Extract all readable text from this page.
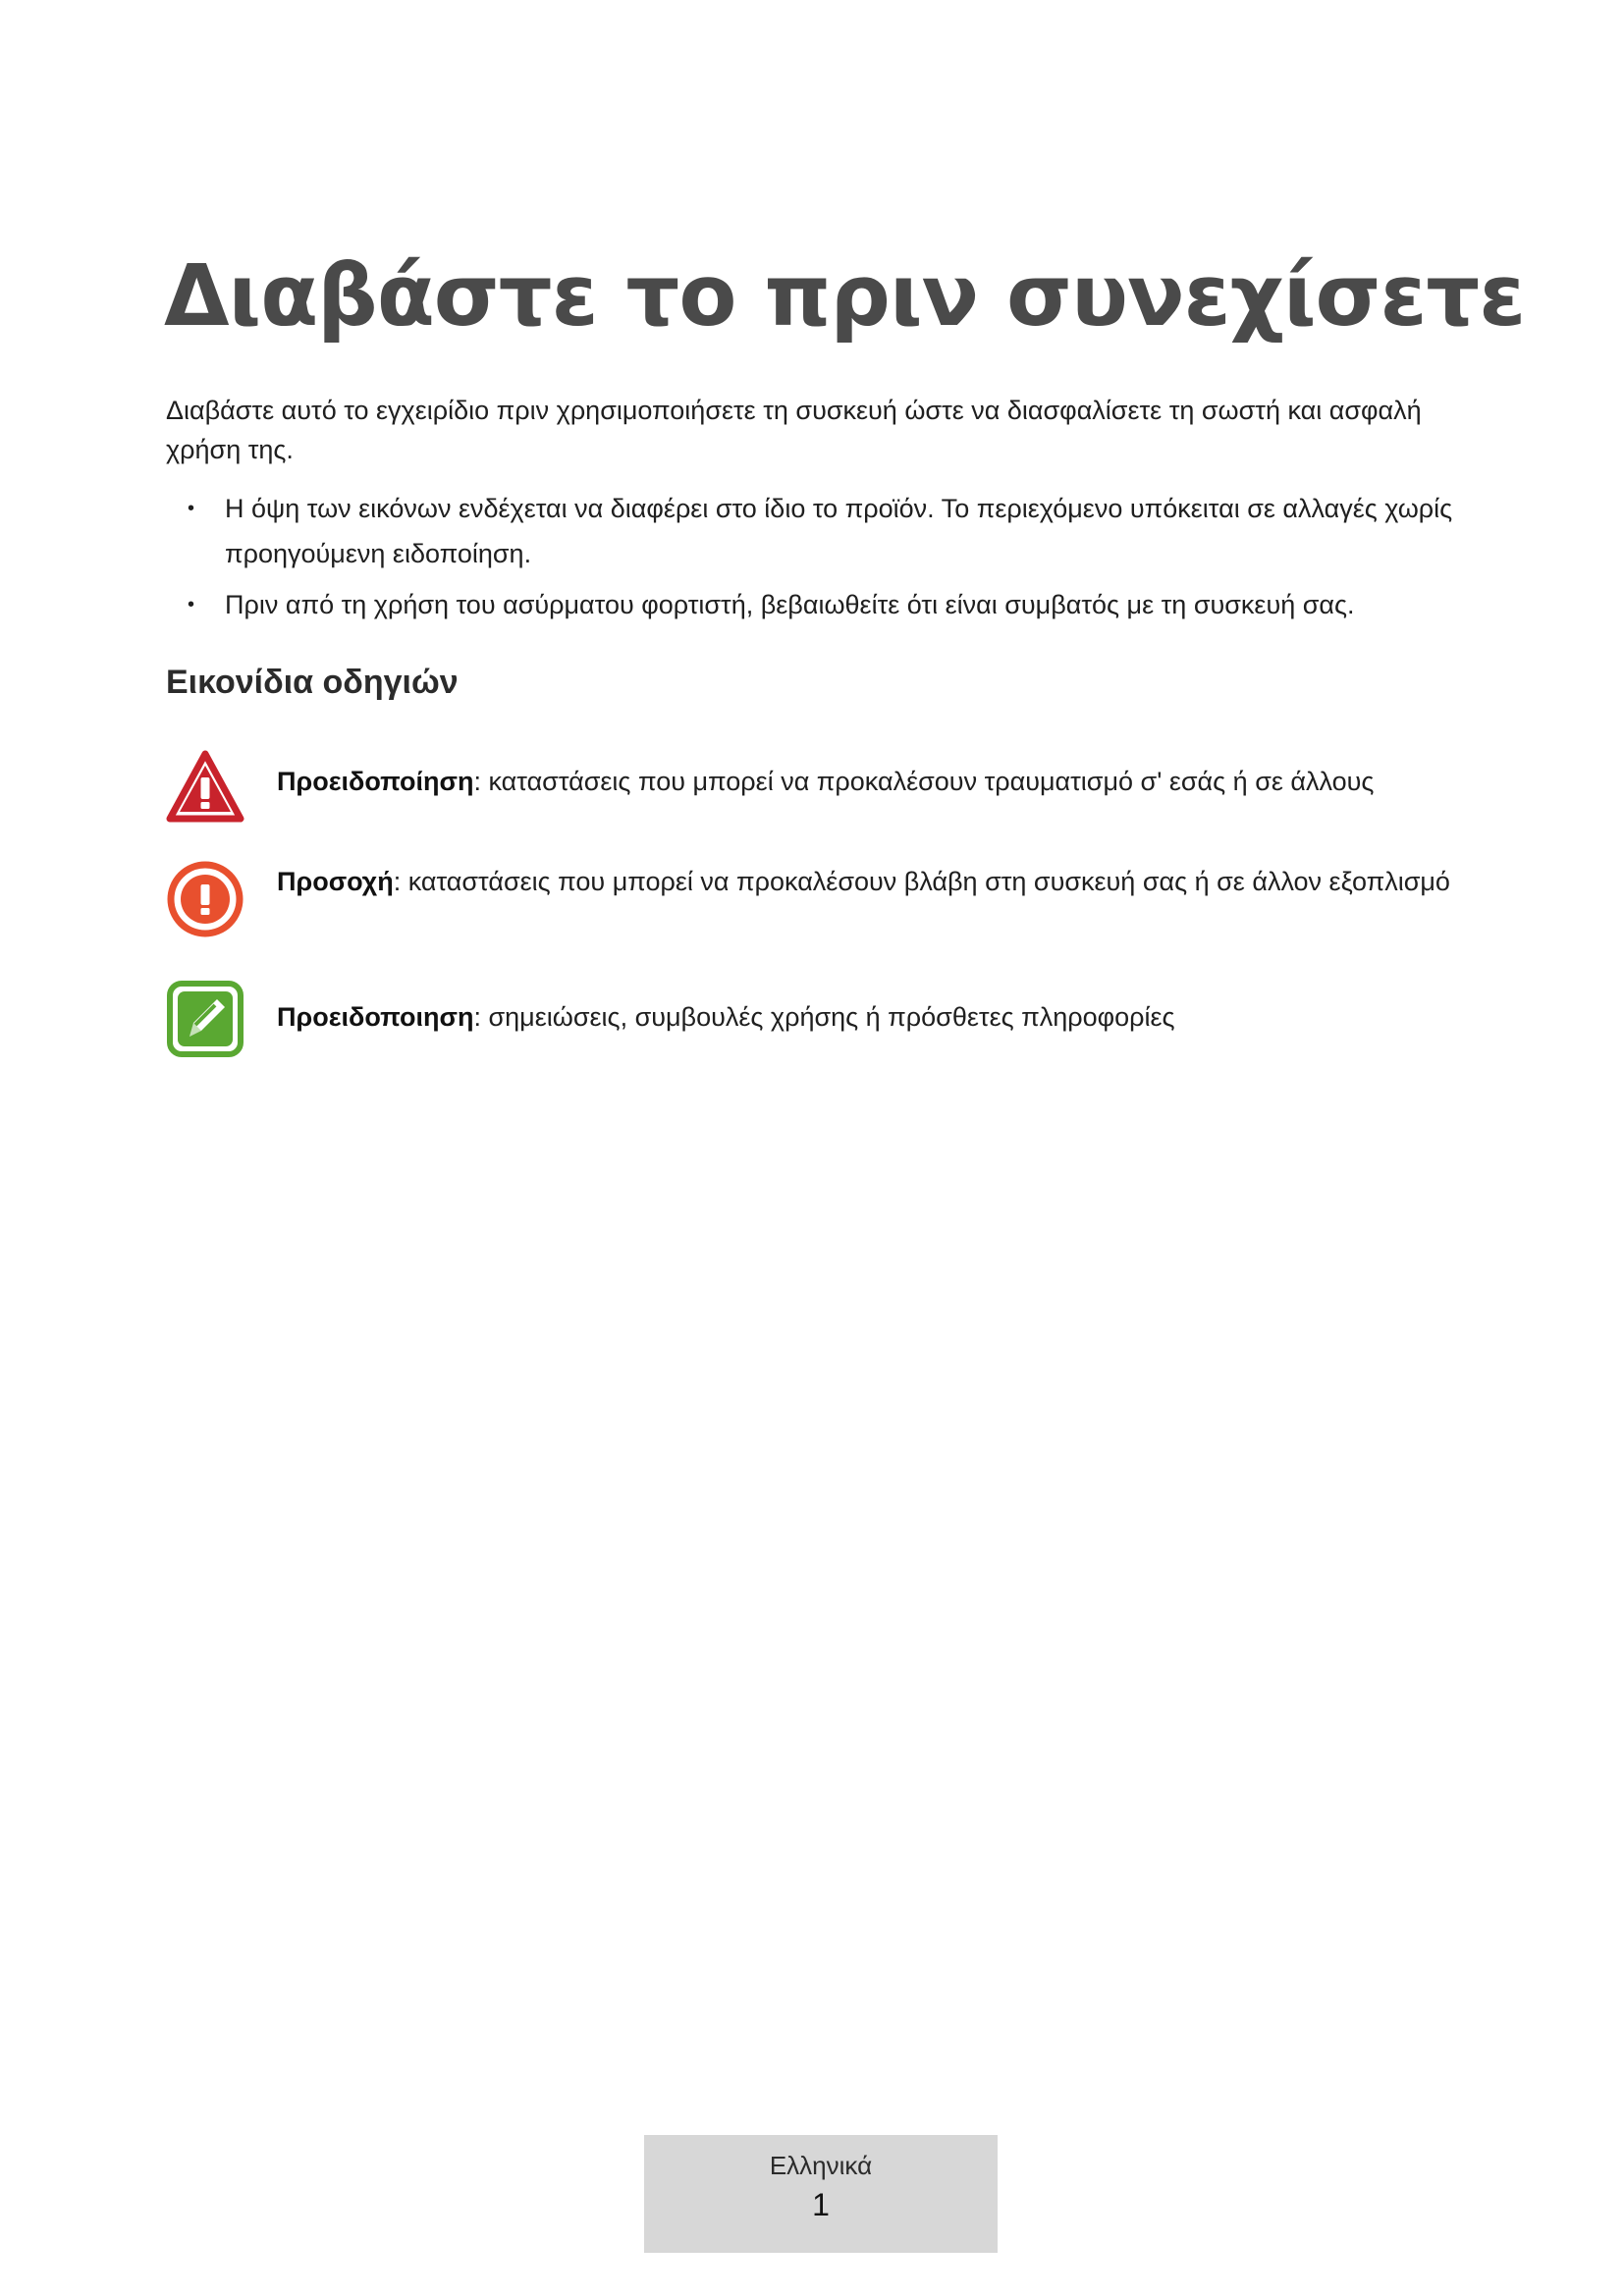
Διαβάστε το πριν συνεχίσετε

Διαβάστε αυτό το εγχειρίδιο πριν χρησιμοποιήσετε τη συσκευή ώστε να διασφαλίσετε τη σωστή και ασφαλή χρήση της.

• Η όψη των εικόνων ενδέχεται να διαφέρει στο ίδιο το προϊόν. Το περιεχόμενο υπόκειται σε αλλαγές χωρίς προηγούμενη ειδοποίηση.
• Πριν από τη χρήση του ασύρματου φορτιστή, βεβαιωθείτε ότι είναι συμβατός με τη συσκευή σας.
Εικονίδια οδηγιών
Προειδοποίηση: καταστάσεις που μπορεί να προκαλέσουν τραυματισμό σ' εσάς ή σε άλλους
Προσοχή: καταστάσεις που μπορεί να προκαλέσουν βλάβη στη συσκευή σας ή σε άλλον εξοπλισμό
Προειδοποιηση: σημειώσεις, συμβουλές χρήσης ή πρόσθετες πληροφορίες
Ελληνικά
1
